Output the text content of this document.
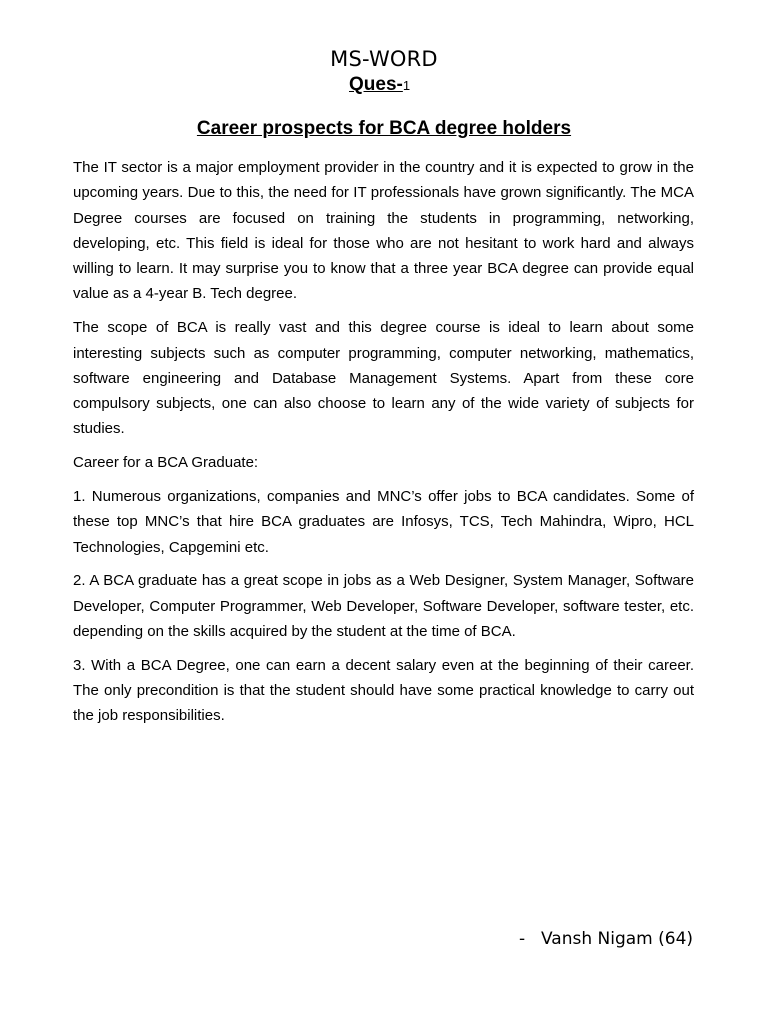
MS-WORD
Ques-1
Career prospects for BCA degree holders

The IT sector is a major employment provider in the country and it is expected to grow in the upcoming years. Due to this, the need for IT professionals have grown significantly. The MCA Degree courses are focused on training the students in programming, networking, developing, etc. This field is ideal for those who are not hesitant to work hard and always willing to learn. It may surprise you to know that a three year BCA degree can provide equal value as a 4-year B. Tech degree.

The scope of BCA is really vast and this degree course is ideal to learn about some interesting subjects such as computer programming, computer networking, mathematics, software engineering and Database Management Systems. Apart from these core compulsory subjects, one can also choose to learn any of the wide variety of subjects for studies.

Career for a BCA Graduate:

1. Numerous organizations, companies and MNC’s offer jobs to BCA candidates. Some of these top MNC’s that hire BCA graduates are Infosys, TCS, Tech Mahindra, Wipro, HCL Technologies, Capgemini etc.

2. A BCA graduate has a great scope in jobs as a Web Designer, System Manager, Software Developer, Computer Programmer, Web Developer, Software Developer, software tester, etc. depending on the skills acquired by the student at the time of BCA.

3. With a BCA Degree, one can earn a decent salary even at the beginning of their career. The only precondition is that the student should have some practical knowledge to carry out the job responsibilities.

- Vansh Nigam (64)
